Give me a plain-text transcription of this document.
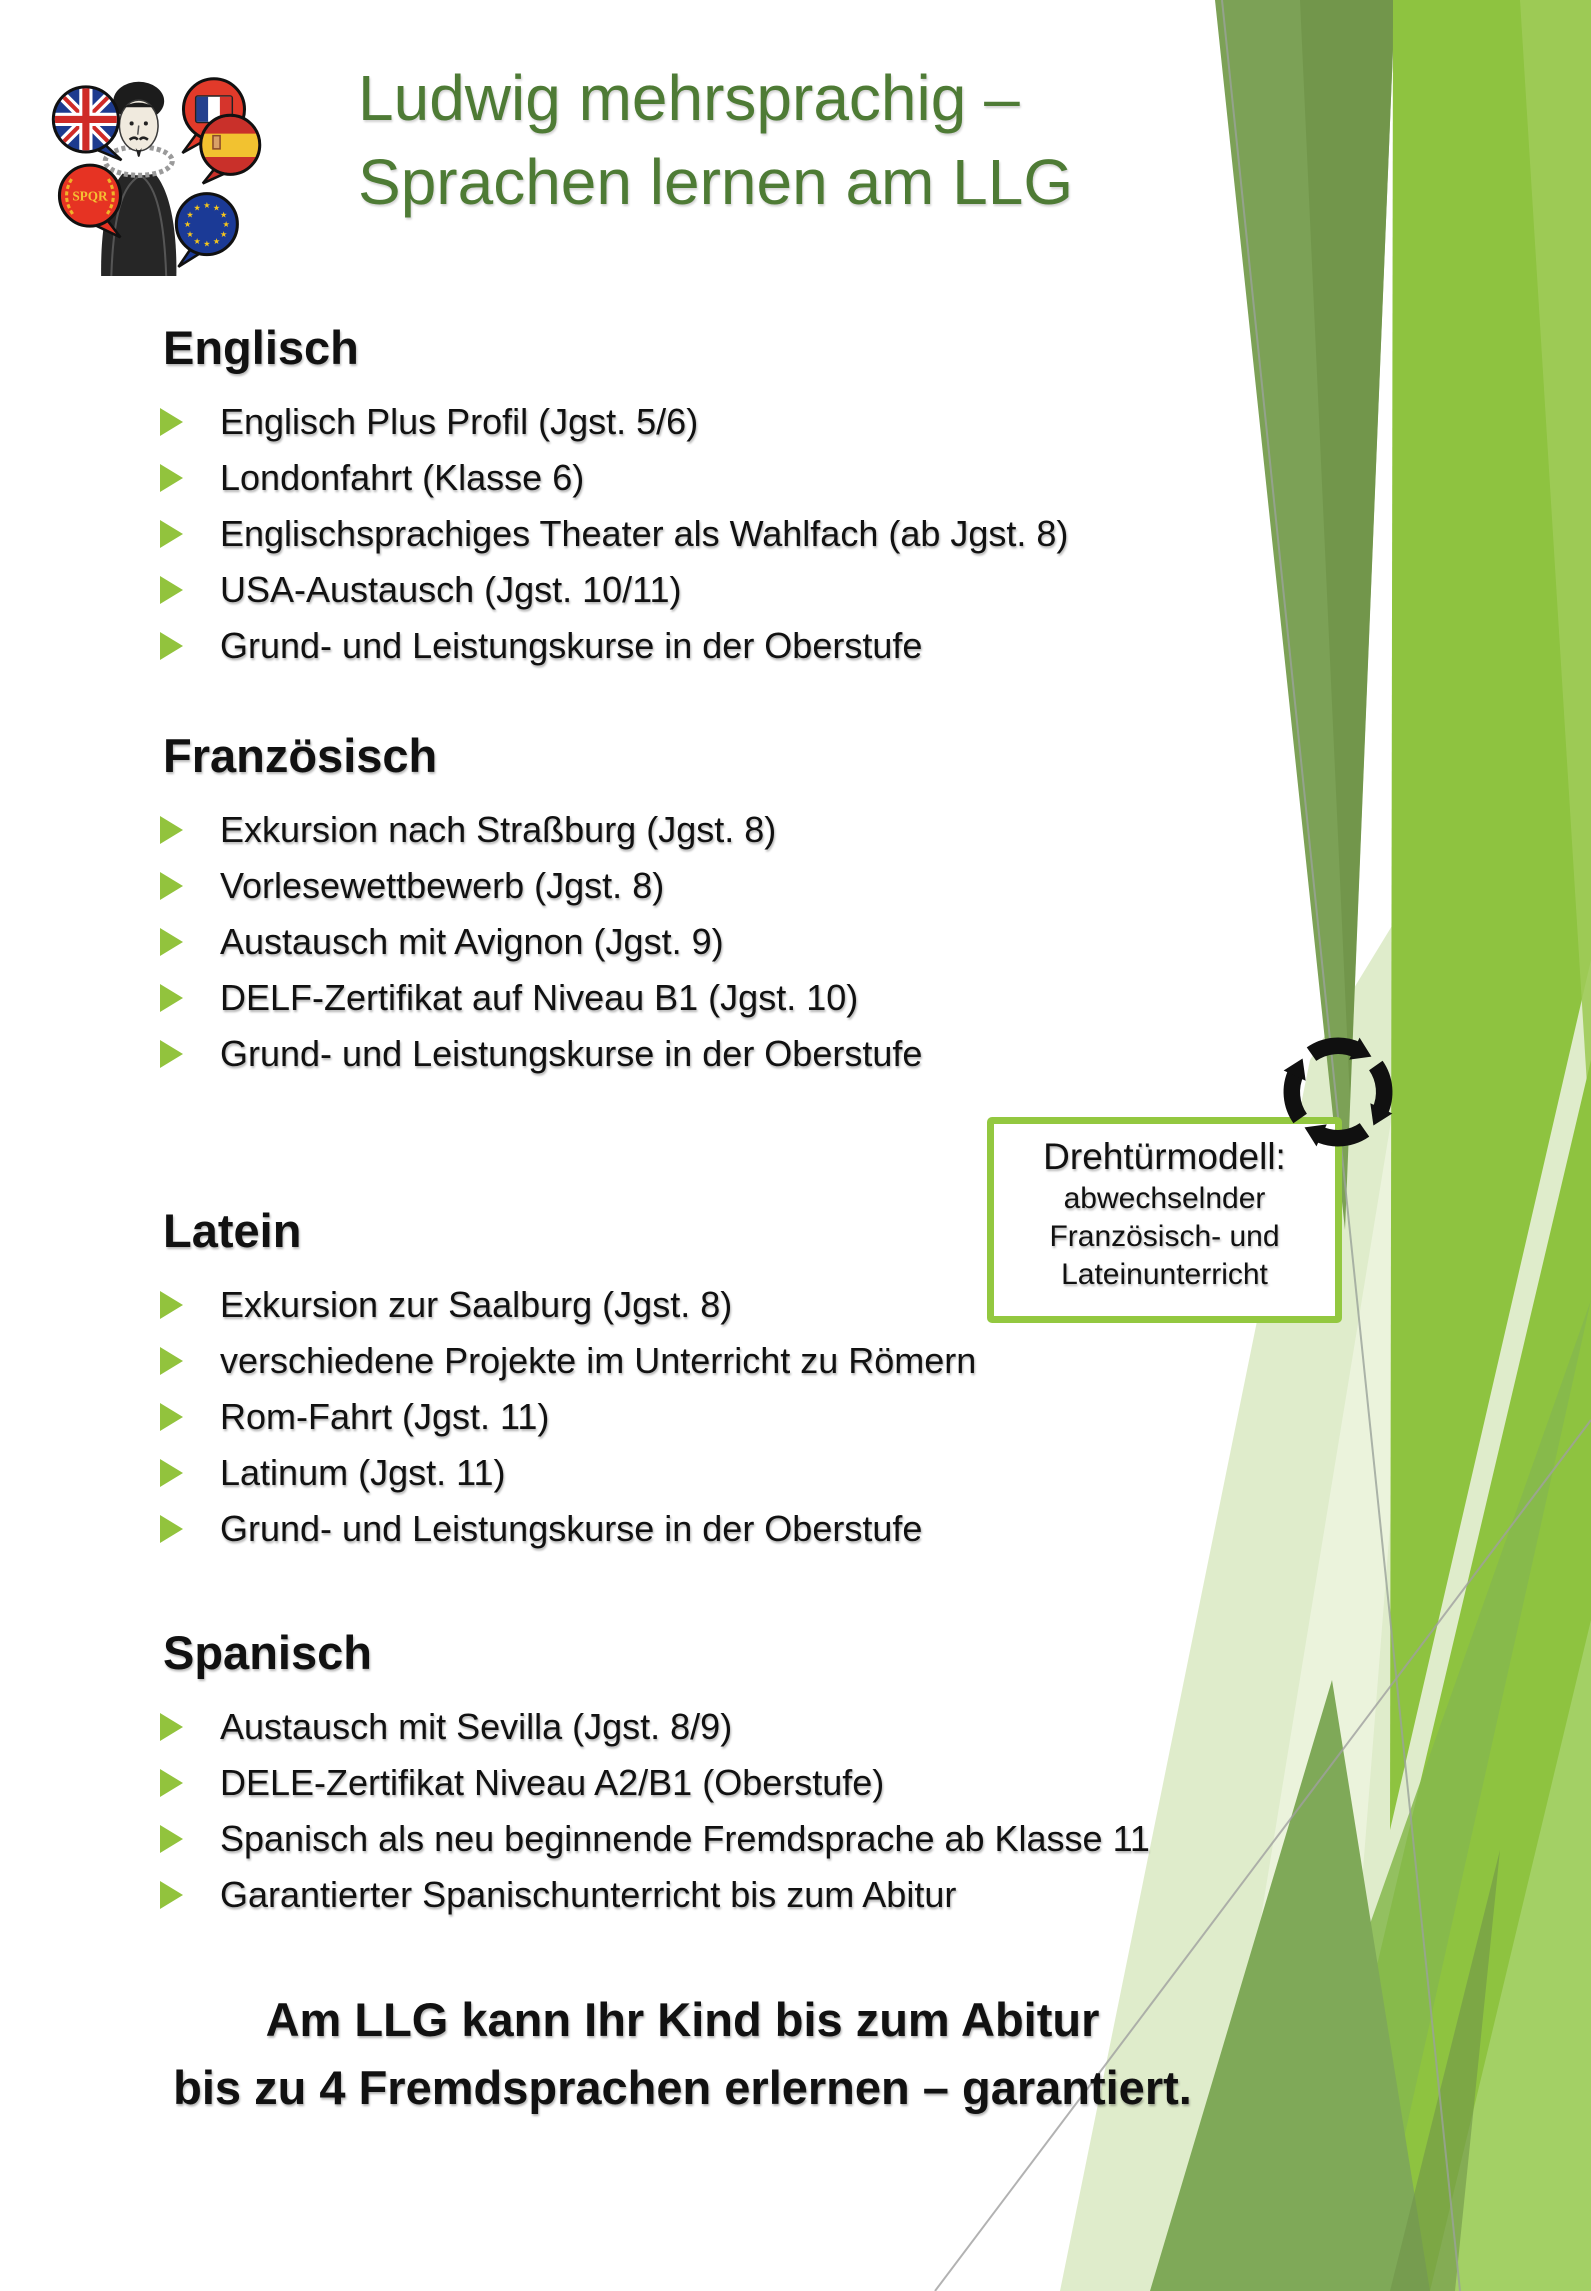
SPQR
★ ★
★
★
★
★
★
★
★
★
★
★
Ludwig mehrsprachig –
Sprachen lernen am LLG
Englisch
Englisch Plus Profil (Jgst. 5/6)
Londonfahrt (Klasse 6)
Englischsprachiges Theater als Wahlfach (ab Jgst. 8)
USA-Austausch (Jgst. 10/11)
Grund- und Leistungskurse in der Oberstufe
Französisch
Exkursion nach Straßburg (Jgst. 8)
Vorlesewettbewerb (Jgst. 8)
Austausch mit Avignon (Jgst. 9)
DELF-Zertifikat auf Niveau B1 (Jgst. 10)
Grund- und Leistungskurse in der Oberstufe
Latein
Exkursion zur Saalburg (Jgst. 8)
verschiedene Projekte im Unterricht zu Römern
Rom-Fahrt (Jgst. 11)
Latinum (Jgst. 11)
Grund- und Leistungskurse in der Oberstufe
Spanisch
Austausch mit Sevilla (Jgst. 8/9)
DELE-Zertifikat Niveau A2/B1 (Oberstufe)
Spanisch als neu beginnende Fremdsprache ab Klasse 11
Garantierter Spanischunterricht bis zum Abitur
Drehtürmodell:
abwechselnder
Französisch- und
Lateinunterricht
Am LLG kann Ihr Kind bis zum Abitur
bis zu 4 Fremdsprachen erlernen – garantiert.
